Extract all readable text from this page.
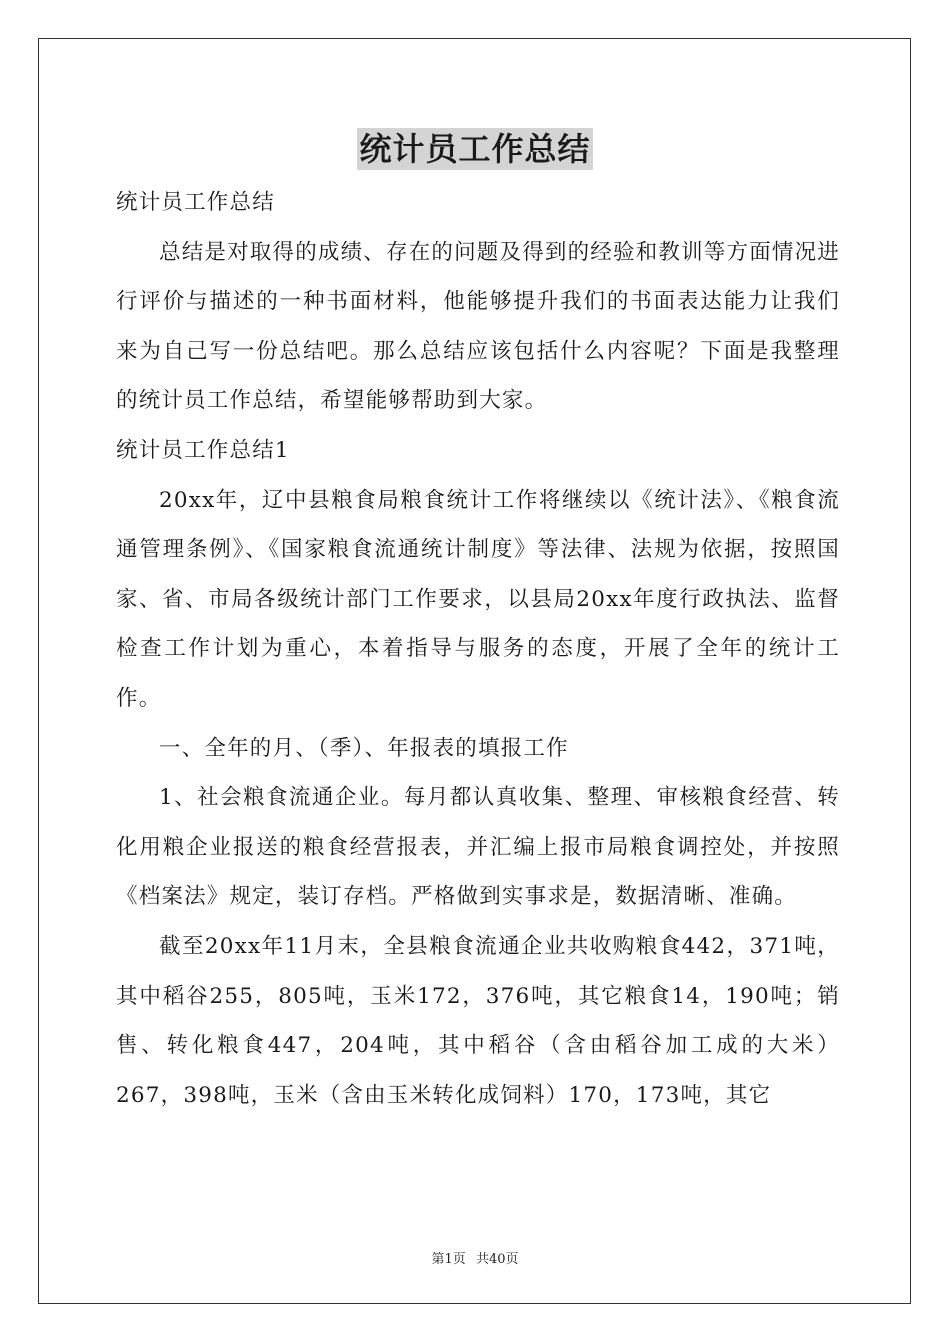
统计员工作总结

统计员工作总结

总结是对取得的成绩、存在的问题及得到的经验和教训等方面情况进行评价与描述的一种书面材料，他能够提升我们的书面表达能力让我们来为自己写一份总结吧。那么总结应该包括什么内容呢？下面是我整理的统计员工作总结，希望能够帮助到大家。

统计员工作总结1

20xx年，辽中县粮食局粮食统计工作将继续以《统计法》、《粮食流通管理条例》、《国家粮食流通统计制度》等法律、法规为依据，按照国家、省、市局各级统计部门工作要求，以县局20xx年度行政执法、监督检查工作计划为重心，本着指导与服务的态度，开展了全年的统计工作。

一、全年的月、（季）、年报表的填报工作

1、社会粮食流通企业。每月都认真收集、整理、审核粮食经营、转化用粮企业报送的粮食经营报表，并汇编上报市局粮食调控处，并按照《档案法》规定，装订存档。严格做到实事求是，数据清晰、准确。

截至20xx年11月末，全县粮食流通企业共收购粮食442，371吨，其中稻谷255，805吨，玉米172，376吨，其它粮食14，190吨；销售、转化粮食447，204吨，其中稻谷（含由稻谷加工成的大米）267，398吨，玉米（含由玉米转化成饲料）170，173吨，其它

第1页 共40页
